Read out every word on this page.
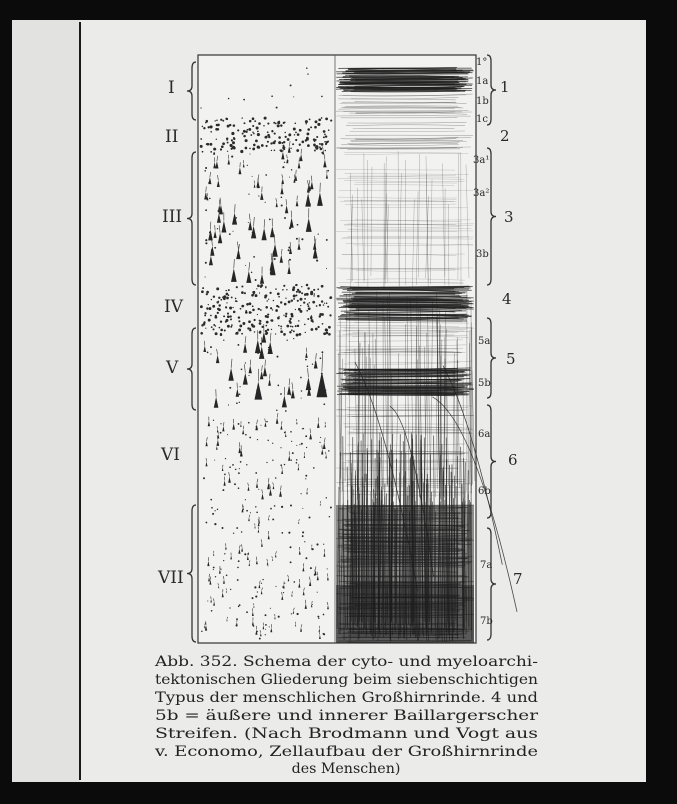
I
II
III
IV
V
VI
VII
1°
1a
1b
1c
3a¹
3a²
3b
5a
5b
6a
6b
7a
7b
1
2
3
4
5
6
7
Abb. 352. Schema der cyto- und myeloarchi-
tektonischen Gliederung beim siebenschichtigen
Typus der menschlichen Großhirnrinde. 4 und
5b = äußere und innerer Baillargerscher
Streifen. (Nach Brodmann und Vogt aus
v. Economo, Zellaufbau der Großhirnrinde
des Menschen)
